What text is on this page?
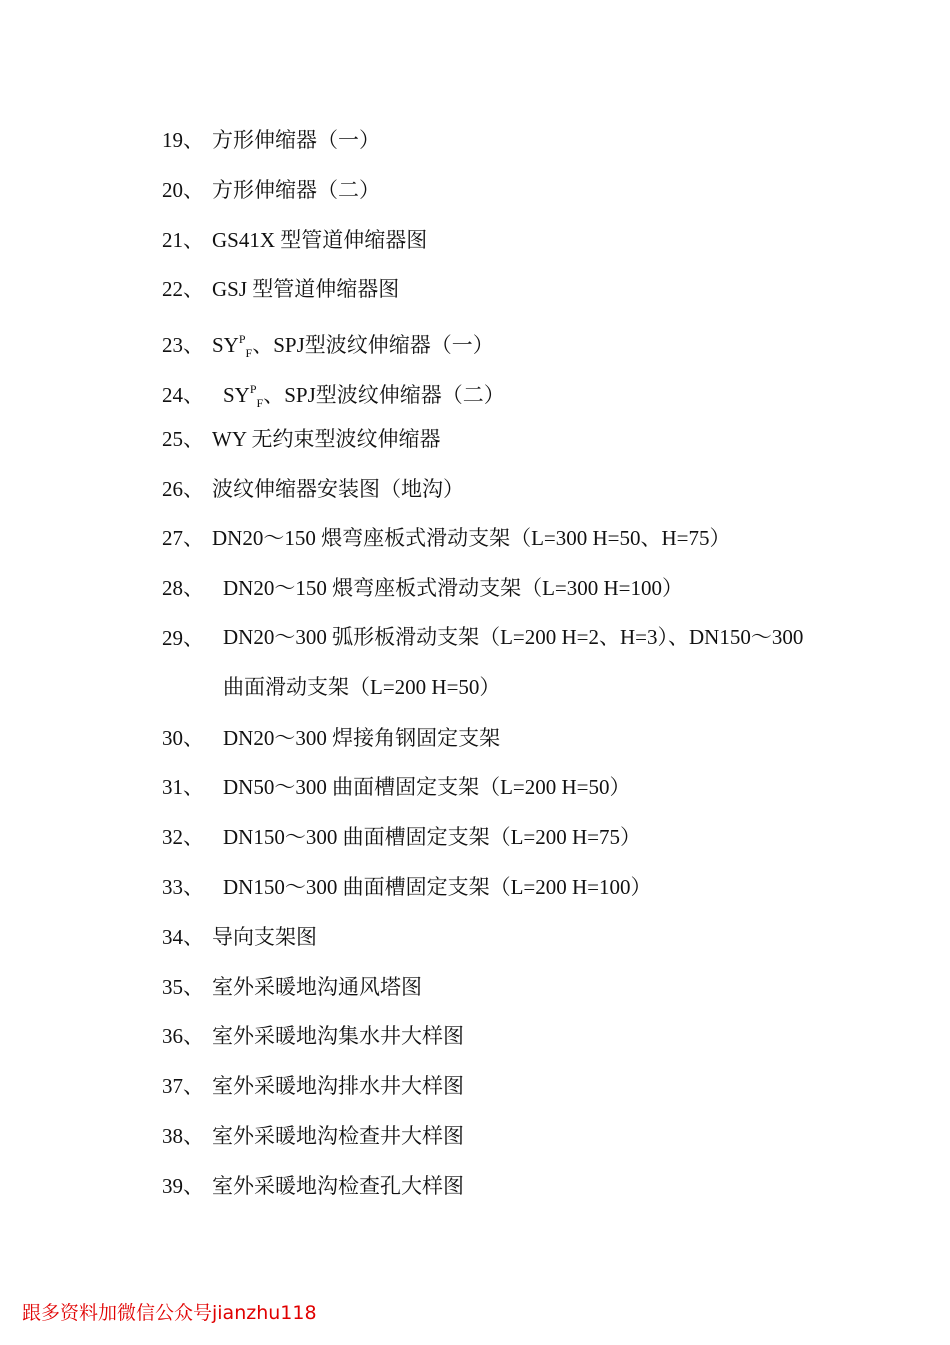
19、 方形伸缩器（一）
20、 方形伸缩器（二）
21、 GS41X 型管道伸缩器图
22、 GSJ 型管道伸缩器图
23、 $SY^P_F$、SPJ型波纹伸缩器（一）
24、 $SY^P_F$、SPJ型波纹伸缩器（二）
25、 WY 无约束型波纹伸缩器
26、 波纹伸缩器安装图（地沟）
27、 DN20～150 煨弯座板式滑动支架（L=300 H=50、H=75）
28、 DN20～150 煨弯座板式滑动支架（L=300 H=100）
29、 DN20～300 弧形板滑动支架（L=200 H=2、H=3）、DN150～300 曲面滑动支架（L=200 H=50）
30、 DN20～300 焊接角钢固定支架
31、 DN50～300 曲面槽固定支架（L=200 H=50）
32、 DN150～300 曲面槽固定支架（L=200 H=75）
33、 DN150～300 曲面槽固定支架（L=200 H=100）
34、 导向支架图
35、 室外采暖地沟通风塔图
36、 室外采暖地沟集水井大样图
37、 室外采暖地沟排水井大样图
38、 室外采暖地沟检查井大样图
39、 室外采暖地沟检查孔大样图
跟多资料加微信公众号jianzhu118
